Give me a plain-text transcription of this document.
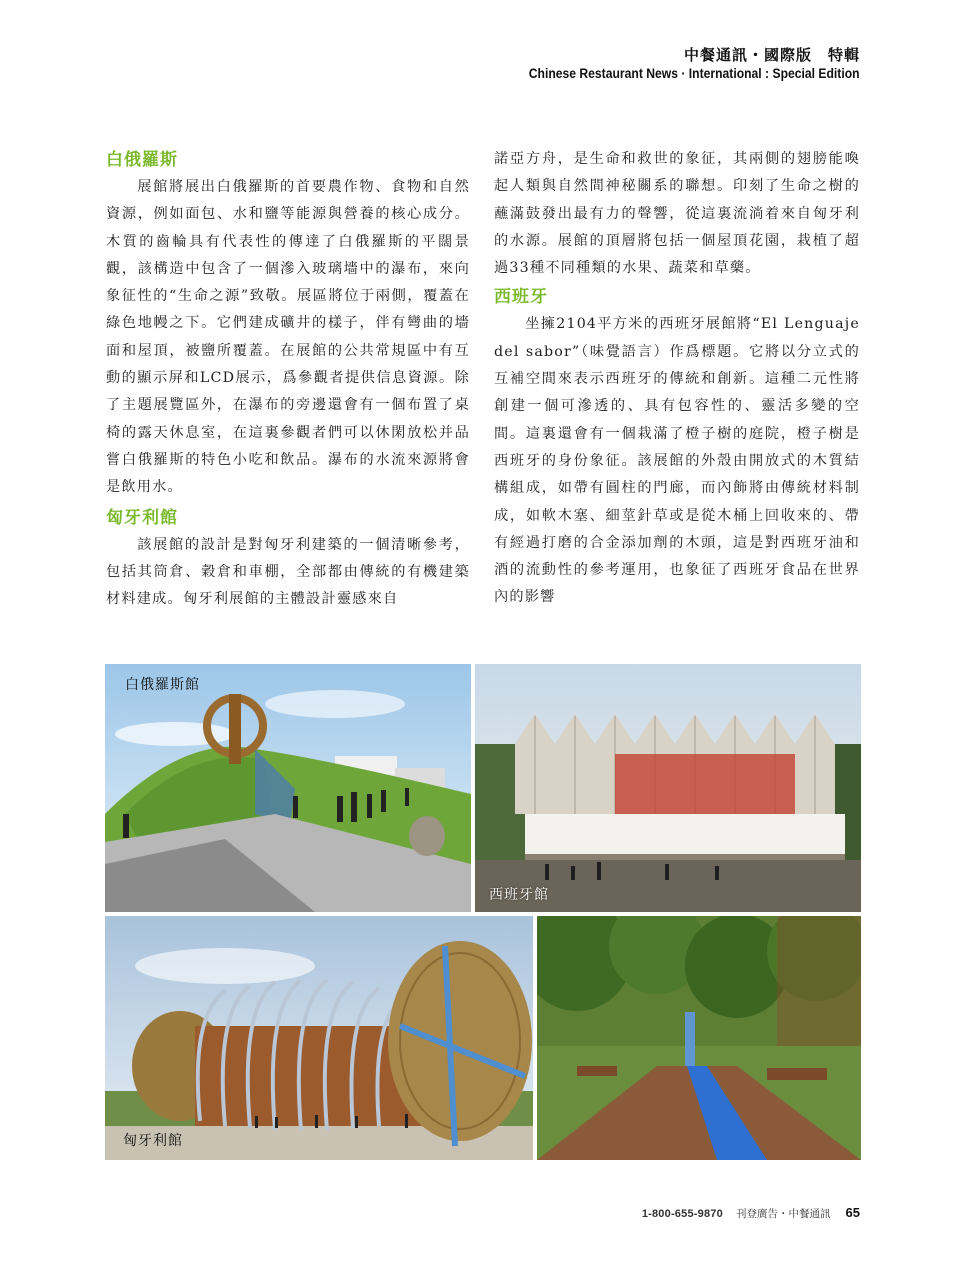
中餐通訊・國際版　特輯
Chinese Restaurant News · International : Special Edition
白俄羅斯

展館將展出白俄羅斯的首要農作物、食物和自然資源，例如面包、水和鹽等能源與營養的核心成分。木質的齒輪具有代表性的傳達了白俄羅斯的平闊景觀，該構造中包含了一個滲入玻璃墻中的瀑布，來向象征性的“生命之源”致敬。展區將位于兩側，覆蓋在綠色地幔之下。它們建成礦井的樣子，伴有彎曲的墻面和屋頂，被鹽所覆蓋。在展館的公共常規區中有互動的顯示屏和LCD展示，爲參觀者提供信息資源。除了主題展覽區外，在瀑布的旁邊還會有一個布置了桌椅的露天休息室，在這裏參觀者們可以休閑放松并品嘗白俄羅斯的特色小吃和飲品。瀑布的水流來源將會是飲用水。

匈牙利館

該展館的設計是對匈牙利建築的一個清晰參考，包括其筒倉、穀倉和車棚，全部都由傳統的有機建築材料建成。匈牙利展館的主體設計靈感來自

諾亞方舟，是生命和救世的象征，其兩側的翅膀能喚起人類與自然間神秘關系的聯想。印刻了生命之樹的蘸滿鼓發出最有力的聲響，從這裏流淌着來自匈牙利的水源。展館的頂層將包括一個屋頂花園，栽植了超過33種不同種類的水果、蔬菜和草藥。

西班牙

坐擁2104平方米的西班牙展館將“El Lenguaje del sabor”（味覺語言）作爲標題。它將以分立式的互補空間來表示西班牙的傳統和創新。這種二元性將創建一個可滲透的、具有包容性的、靈活多變的空間。這裏還會有一個栽滿了橙子樹的庭院，橙子樹是西班牙的身份象征。該展館的外殼由開放式的木質結構組成，如帶有圓柱的門廊，而內飾將由傳統材料制成，如軟木塞、細莖針草或是從木桶上回收來的、帶有經過打磨的合金添加劑的木頭，這是對西班牙油和酒的流動性的參考運用，也象征了西班牙食品在世界內的影響

白俄羅斯館
西班牙館
匈牙利館
1-800-655-9870 刊登廣告・中餐通訊 65
